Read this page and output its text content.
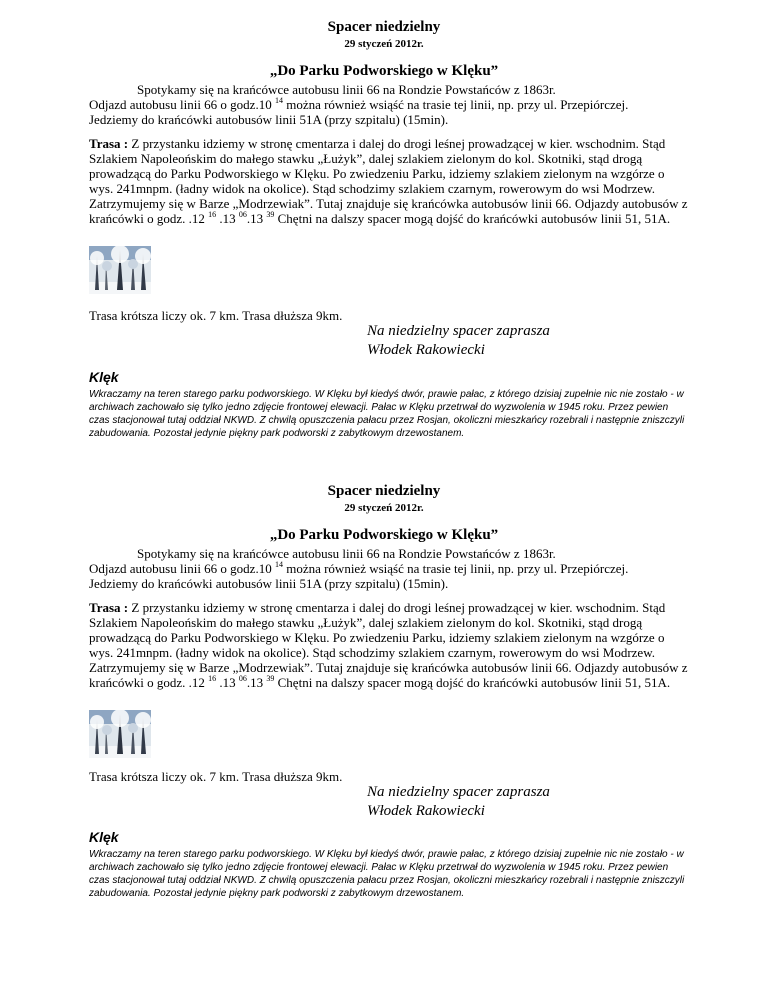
Spacer niedzielny
29 styczeń 2012r.
„Do Parku Podworskiego w Klęku”

Spotykamy się na krańcówce autobusu linii 66 na Rondzie Powstańców z 1863r.

Odjazd autobusu linii 66 o godz.10 $^{14}$ można również wsiąść na trasie tej linii, np. przy ul. Przepiórczej.

Jedziemy do krańcówki autobusów linii 51A (przy szpitalu) (15min).

Trasa : Z przystanku idziemy w stronę cmentarza i dalej do drogi leśnej prowadzącej w kier. wschodnim. Stąd Szlakiem Napoleońskim do małego stawku „Łużyk”, dalej szlakiem zielonym do kol. Skotniki, stąd drogą prowadzącą do Parku Podworskiego w Klęku. Po zwiedzeniu Parku, idziemy szlakiem zielonym na wzgórze o wys. 241mnpm. (ładny widok na okolice). Stąd schodzimy szlakiem czarnym, rowerowym do wsi Modrzew. Zatrzymujemy się w Barze „Modrzewiak”. Tutaj znajduje się krańcówka autobusów linii 66. Odjazdy autobusów z krańcówki o godz. .12 $^{16}$ .13 $^{06}$.13 $^{39}$ Chętni na dalszy spacer mogą dojść do krańcówki autobusów linii 51, 51A.

Trasa krótsza liczy ok. 7 km. Trasa dłuższa 9km.
Na niedzielny spacer zaprasza
Włodek Rakowiecki
Klęk
Wkraczamy na teren starego parku podworskiego. W Klęku był kiedyś dwór, prawie pałac, z którego dzisiaj zupełnie nic nie zostało - w archiwach zachowało się tylko jedno zdjęcie frontowej elewacji. Pałac w Klęku przetrwał do wyzwolenia w 1945 roku. Przez pewien czas stacjonował tutaj oddział NKWD. Z chwilą opuszczenia pałacu przez Rosjan, okoliczni mieszkańcy rozebrali i następnie zniszczyli zabudowania. Pozostał jedynie piękny park podworski z zabytkowym drzewostanem.
Spacer niedzielny
29 styczeń 2012r.
„Do Parku Podworskiego w Klęku”

Spotykamy się na krańcówce autobusu linii 66 na Rondzie Powstańców z 1863r.

Odjazd autobusu linii 66 o godz.10 $^{14}$ można również wsiąść na trasie tej linii, np. przy ul. Przepiórczej.

Jedziemy do krańcówki autobusów linii 51A (przy szpitalu) (15min).

Trasa : Z przystanku idziemy w stronę cmentarza i dalej do drogi leśnej prowadzącej w kier. wschodnim. Stąd Szlakiem Napoleońskim do małego stawku „Łużyk”, dalej szlakiem zielonym do kol. Skotniki, stąd drogą prowadzącą do Parku Podworskiego w Klęku. Po zwiedzeniu Parku, idziemy szlakiem zielonym na wzgórze o wys. 241mnpm. (ładny widok na okolice). Stąd schodzimy szlakiem czarnym, rowerowym do wsi Modrzew. Zatrzymujemy się w Barze „Modrzewiak”. Tutaj znajduje się krańcówka autobusów linii 66. Odjazdy autobusów z krańcówki o godz. .12 $^{16}$ .13 $^{06}$.13 $^{39}$ Chętni na dalszy spacer mogą dojść do krańcówki autobusów linii 51, 51A.

Trasa krótsza liczy ok. 7 km. Trasa dłuższa 9km.
Na niedzielny spacer zaprasza
Włodek Rakowiecki
Klęk
Wkraczamy na teren starego parku podworskiego. W Klęku był kiedyś dwór, prawie pałac, z którego dzisiaj zupełnie nic nie zostało - w archiwach zachowało się tylko jedno zdjęcie frontowej elewacji. Pałac w Klęku przetrwał do wyzwolenia w 1945 roku. Przez pewien czas stacjonował tutaj oddział NKWD. Z chwilą opuszczenia pałacu przez Rosjan, okoliczni mieszkańcy rozebrali i następnie zniszczyli zabudowania. Pozostał jedynie piękny park podworski z zabytkowym drzewostanem.
